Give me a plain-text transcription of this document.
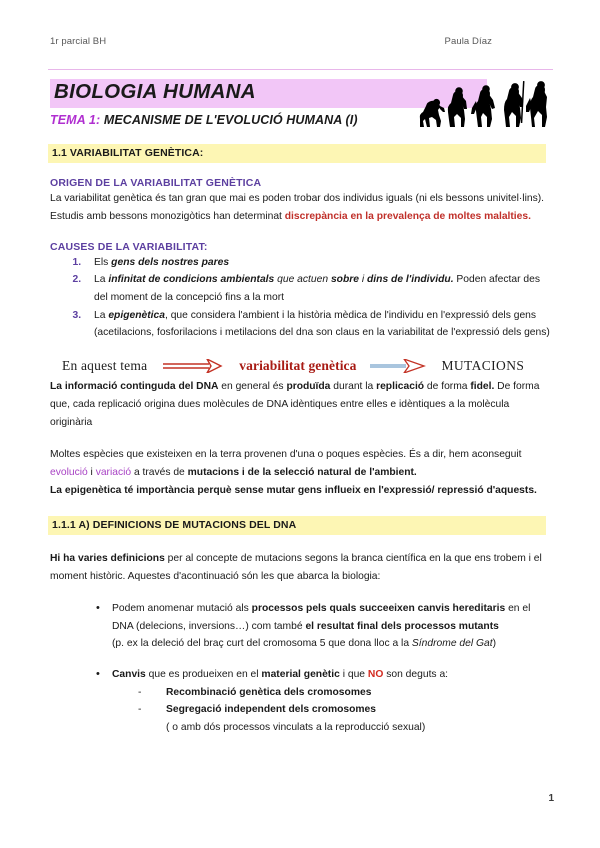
1r parcial BH	Paula Díaz
BIOLOGIA HUMANA
TEMA 1: MECANISME DE L'EVOLUCIÓ HUMANA (I)
1.1 VARIABILITAT GENÈTICA:
ORIGEN DE LA VARIABILITAT GENÈTICA

La variabilitat genètica és tan gran que mai es poden trobar dos individus iguals (ni els bessons univitel·lins). Estudis amb bessons monozigòtics han determinat discrepància en la prevalença de moltes malalties.

CAUSES DE LA VARIABILITAT:
1. Els gens dels nostres pares
2. La infinitat de condicions ambientals que actuen sobre i dins de l'individu. Poden afectar des del moment de la concepció fins a la mort
3. La epigenètica, que considera l'ambient i la història mèdica de l'individu en l'expressió dels gens (acetilacions, fosforilacions i metilacions del dna son claus en la variabilitat de l'expressió dels gens)
En aquest tema	variabilitat genètica	MUTACIONS

La informació continguda del DNA en general és produïda durant la replicació de forma fidel. De forma que, cada replicació origina dues molècules de DNA idèntiques entre elles e idèntiques a la molècula originària

Moltes espècies que existeixen en la terra provenen d'una o poques espècies. És a dir, hem aconseguit evolució i variació a través de mutacions i de la selecció natural de l'ambient.
La epigenètica té importància perquè sense mutar gens influeix en l'expressió/ repressió d'aquests.

1.1.1 A) DEFINICIONS DE MUTACIONS DEL DNA

Hi ha varies definicions per al concepte de mutacions segons la branca científica en la que ens trobem i el moment històric. Aquestes d'acontinuació són les que abarca la biologia:

• Podem anomenar mutació als processos pels quals succeeixen canvis hereditaris en el DNA (delecions, inversions…) com també el resultat final dels processos mutants
(p. ex la deleció del braç curt del cromosoma 5 que dona lloc a la Síndrome del Gat)
• Canvis que es produeixen en el material genètic i que NO son deguts a:
- Recombinació genètica dels cromosomes
- Segregació independent dels cromosomes
( o amb dós processos vinculats a la reproducció sexual)
1
